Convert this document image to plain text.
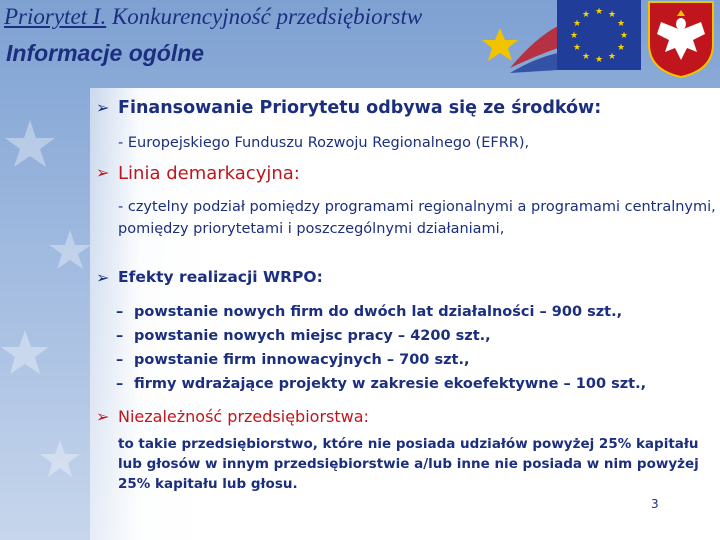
Priorytet I. Konkurencyjność przedsiębiorstw
Informacje ogólne
★ ★
★
★
★
★
★
★
★
★
★
★
➢ Finansowanie Priorytetu odbywa się ze środków:
- Europejskiego Funduszu Rozwoju Regionalnego (EFRR),
➢ Linia demarkacyjna:
- czytelny podział pomiędzy programami regionalnymi a programami centralnymi, pomiędzy priorytetami i poszczególnymi działaniami,
➢ Efekty realizacji WRPO:
– powstanie nowych firm do dwóch lat działalności – 900 szt.,
– powstanie nowych miejsc pracy – 4200 szt.,
– powstanie firm innowacyjnych – 700 szt.,
– firmy wdrażające projekty w zakresie ekoefektywne – 100 szt.,
➢ Niezależność przedsiębiorstwa:
to takie przedsiębiorstwo, które nie posiada udziałów powyżej 25% kapitału lub głosów w innym przedsiębiorstwie a/lub inne nie posiada w nim powyżej 25% kapitału lub głosu.
3
